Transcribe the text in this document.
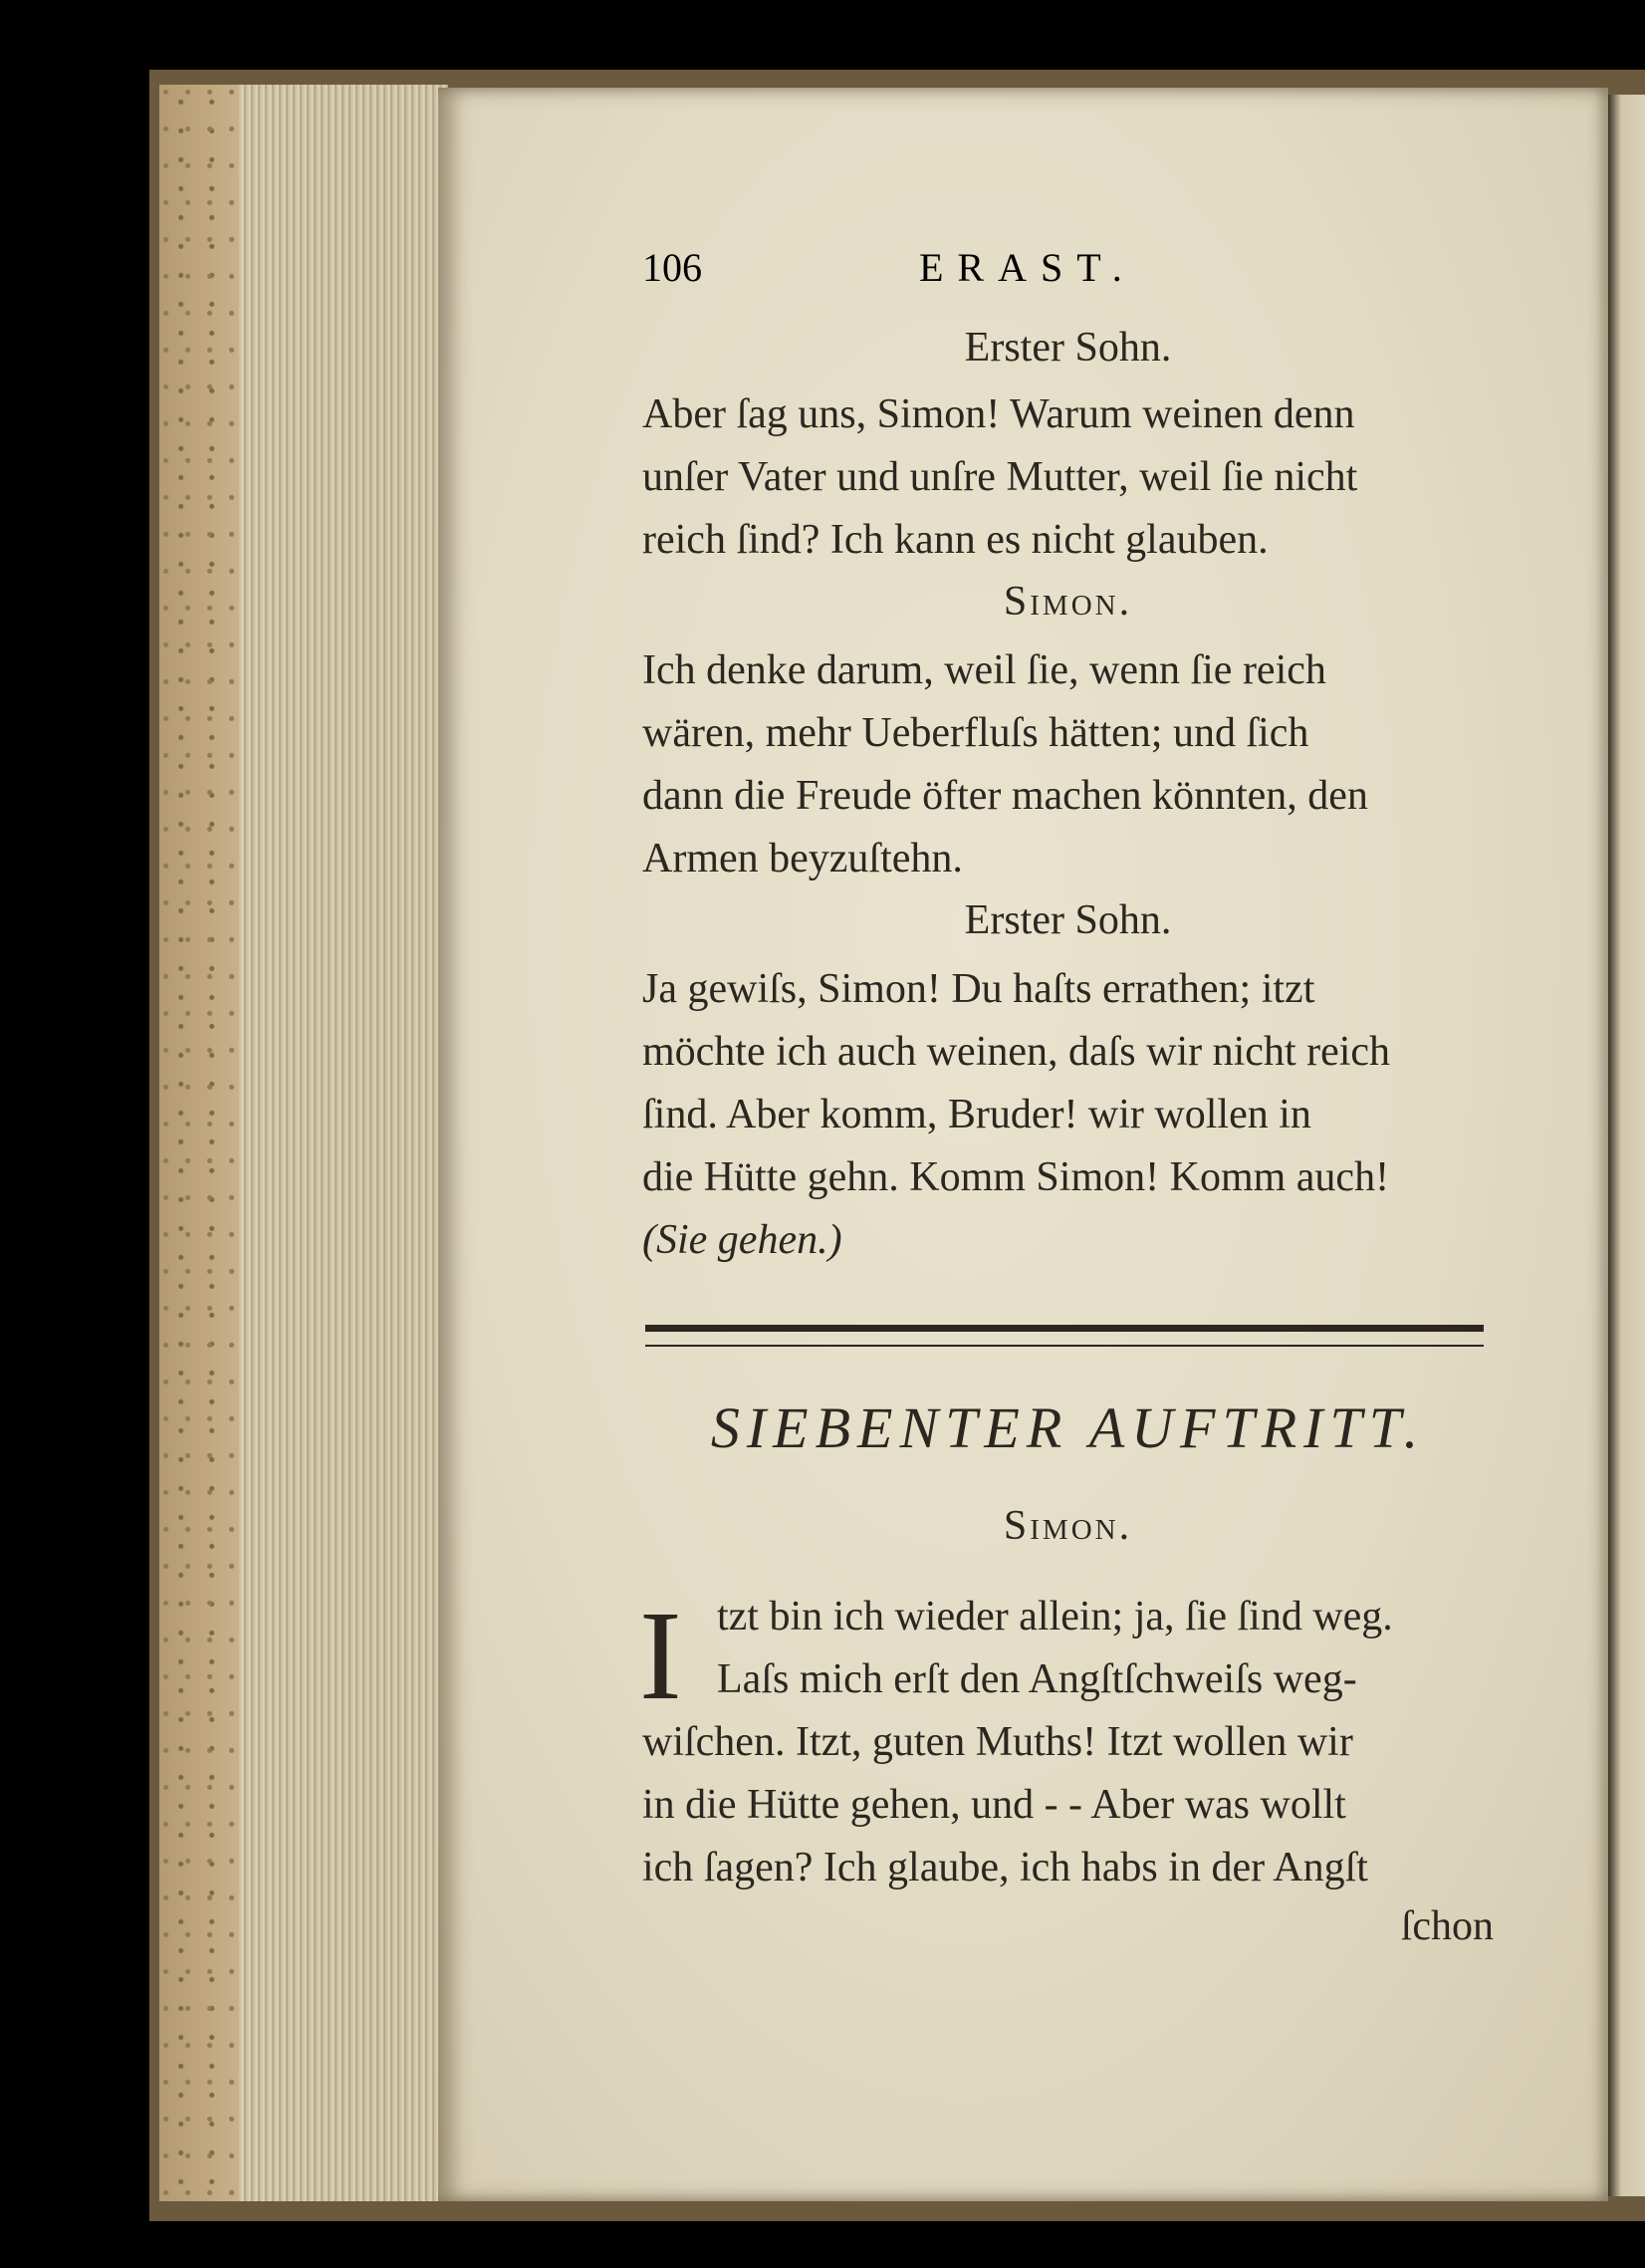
106	ERAST.
Erster Sohn.
Aber ſag uns, Simon! Warum weinen denn
unſer Vater und unſre Mutter, weil ſie nicht
reich ſind? Ich kann es nicht glauben.
Simon.
Ich denke darum, weil ſie, wenn ſie reich
wären, mehr Ueberfluſs hätten; und ſich
dann die Freude öfter machen könnten, den
Armen beyzuſtehn.
Erster Sohn.
Ja gewiſs, Simon! Du haſts errathen; itzt
möchte ich auch weinen, daſs wir nicht reich
ſind. Aber komm, Bruder! wir wollen in
die Hütte gehn. Komm Simon! Komm auch!
(Sie gehen.)
SIEBENTER AUFTRITT.
Simon.
I tzt bin ich wieder allein; ja, ſie ſind weg.
Laſs mich erſt den Angſtſchweiſs weg-
wiſchen. Itzt, guten Muths! Itzt wollen wir
in die Hütte gehen, und - - Aber was wollt
ich ſagen? Ich glaube, ich habs in der Angſt
ſchon
